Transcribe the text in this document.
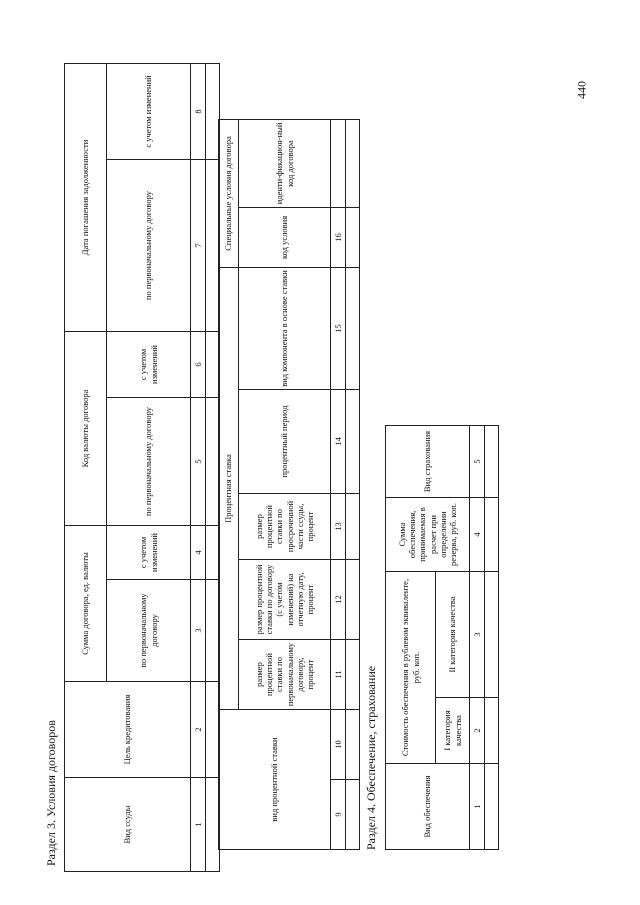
440
Раздел 3. Условия договоров	Вид ссуды	Цель кредитования	Сумма договора, ед. валюты		Код валюты договора		Дата погашения задолженности	
		по первоначальному договору	с учетом изменений	по первоначальному договору	с учетом изменений	по первоначальному договору	с учетом изменений
1	2	3	4	5	6	7	8

вид процентной ставки		Процентная ставка					Специальные условия договора	
		размер процентной ставки по первоначальному договору, процент	размер процентной ставки по договору (с учетом изменений) на отчетную дату, процент	размер процентной ставки по просроченной части ссуды, процент	процентный период	вид компонента в основе ставки	код условия	иденти-фикацион-ный код договора
9	10	11	12	13	14	15	16	

Раздел 4. Обеспечение, страхование	Вид обеспечения	Стоимость обеспечения в рублевом эквиваленте, руб. коп.		Сумма обеспечения, принимаемая в расчет при определении резерва, руб. коп.	Вид страхования
	I категория качества	II категория качества		
1	2	3	4	5
